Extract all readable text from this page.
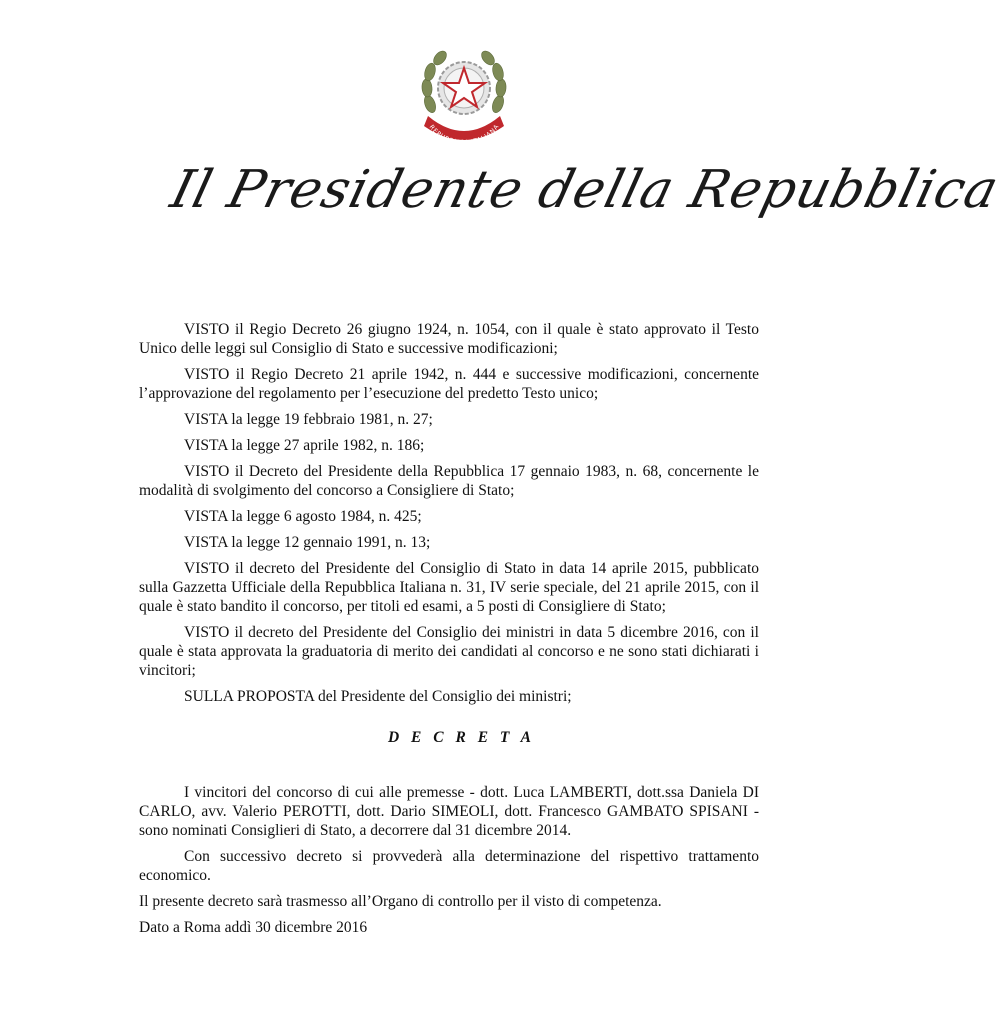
REPUBBLICA ITALIANA
Il Presidente della Repubblica

VISTO il Regio Decreto 26 giugno 1924, n. 1054, con il quale è stato approvato il Testo Unico delle leggi sul Consiglio di Stato e successive modificazioni;

VISTO il Regio Decreto 21 aprile 1942, n. 444 e successive modificazioni, concernente l’approvazione del regolamento per l’esecuzione del predetto Testo unico;

VISTA la legge 19 febbraio 1981, n. 27;

VISTA la legge 27 aprile 1982, n. 186;

VISTO il Decreto del Presidente della Repubblica 17 gennaio 1983, n. 68, concernente le modalità di svolgimento del concorso a Consigliere di Stato;

VISTA la legge 6 agosto 1984, n. 425;

VISTA la legge 12 gennaio 1991, n. 13;

VISTO il decreto del Presidente del Consiglio di Stato in data 14 aprile 2015, pubblicato sulla Gazzetta Ufficiale della Repubblica Italiana n. 31, IV serie speciale, del 21 aprile 2015, con il quale è stato bandito il concorso, per titoli ed esami, a 5 posti di Consigliere di Stato;

VISTO il decreto del Presidente del Consiglio dei ministri in data 5 dicembre 2016, con il quale è stata approvata la graduatoria di merito dei candidati al concorso e ne sono stati dichiarati i vincitori;

SULLA PROPOSTA del Presidente del Consiglio dei ministri;

D E C R E T A

I vincitori del concorso di cui alle premesse - dott. Luca LAMBERTI, dott.ssa Daniela DI CARLO, avv. Valerio PEROTTI, dott. Dario SIMEOLI, dott. Francesco GAMBATO SPISANI - sono nominati Consiglieri di Stato, a decorrere dal 31 dicembre 2014.

Con successivo decreto si provvederà alla determinazione del rispettivo trattamento economico.

Il presente decreto sarà trasmesso all’Organo di controllo per il visto di competenza.

Dato a Roma addì 30 dicembre 2016
